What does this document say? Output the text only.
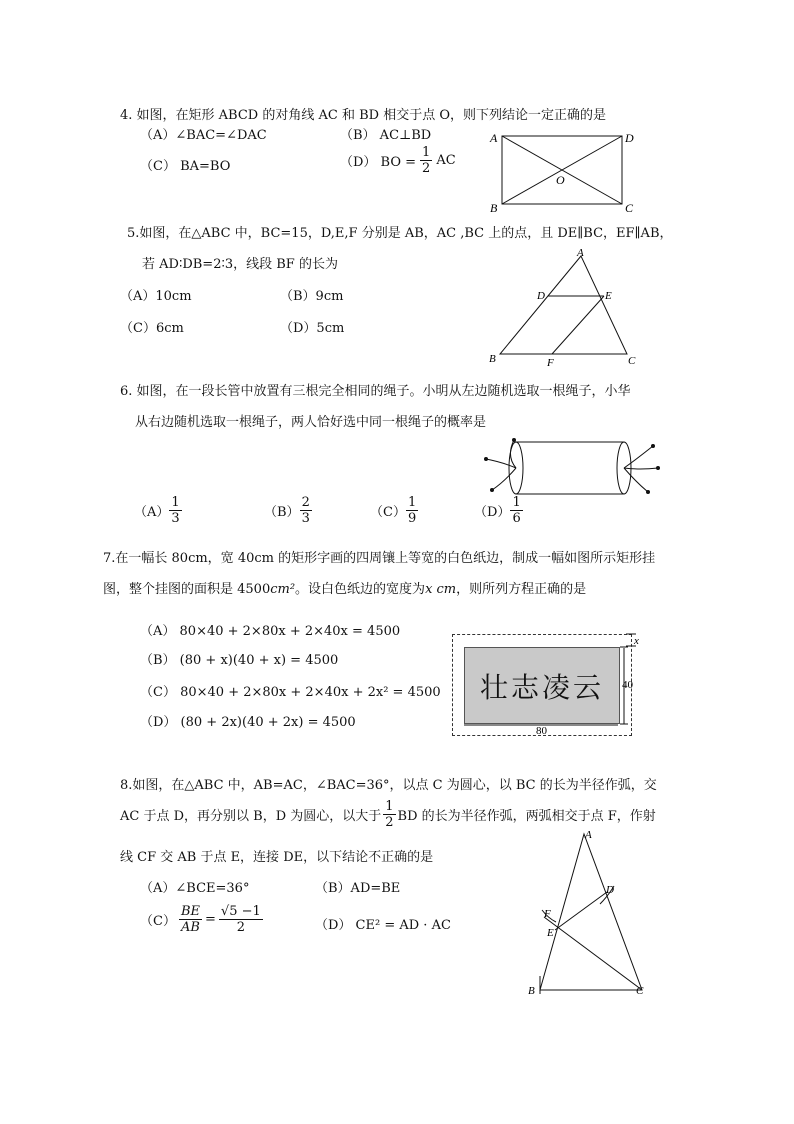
4. 如图，在矩形 ABCD 的对角线 AC 和 BD 相交于点 O，则下列结论一定正确的是
（A）∠BAC=∠DAC	（B） AC⊥BD
（C） BA=BO	（D） BO = $\frac{1}{2}$ AC
A
B	C
D
O
5.如图，在△ABC 中，BC=15，D,E,F 分别是 AB，AC ,BC 上的点，且 DE∥BC，EF∥AB，
若 AD∶DB=2∶3，线段 BF 的长为
（A）10cm	（B）9cm
（C）6cm	（D）5cm
A
B	C
D	E
F
6. 如图，在一段长管中放置有三根完全相同的绳子。小明从左边随机选取一根绳子，小华
从右边随机选取一根绳子，两人恰好选中同一根绳子的概率是
$(A) \frac{1}{3}$	$(B) \frac{2}{3}$	$(C) \frac{1}{9}$	$(D) \frac{1}{6}$
7.在一幅长 80cm，宽 40cm 的矩形字画的四周镶上等宽的白色纸边，制成一幅如图所示矩形挂
图，整个挂图的面积是 4500cm²。设白色纸边的宽度为x cm，则所列方程正确的是
（A） 80×40 + 2×80x + 2×40x = 4500
（B） (80 + x)(40 + x) = 4500
（C） 80×40 + 2×80x + 2×40x + 2x² = 4500
（D） (80 + 2x)(40 + 2x) = 4500
壮志凌云
80
40
x
8.如图，在△ABC 中，AB=AC，∠BAC=36°，以点 C 为圆心，以 BC 的长为半径作弧，交
AC 于点 D，再分别以 B，D 为圆心，以大于 $\frac{1}{2}$ BD 的长为半径作弧，两弧相交于点 F，作射
线 CF 交 AB 于点 E，连接 DE，以下结论不正确的是
（A）∠BCE=36°	（B）AD=BE
$(C) \frac{BE}{AB} = \frac{√5 -1}{2}$	（D） CE² = AD · AC
A
B	C
D
E
F
